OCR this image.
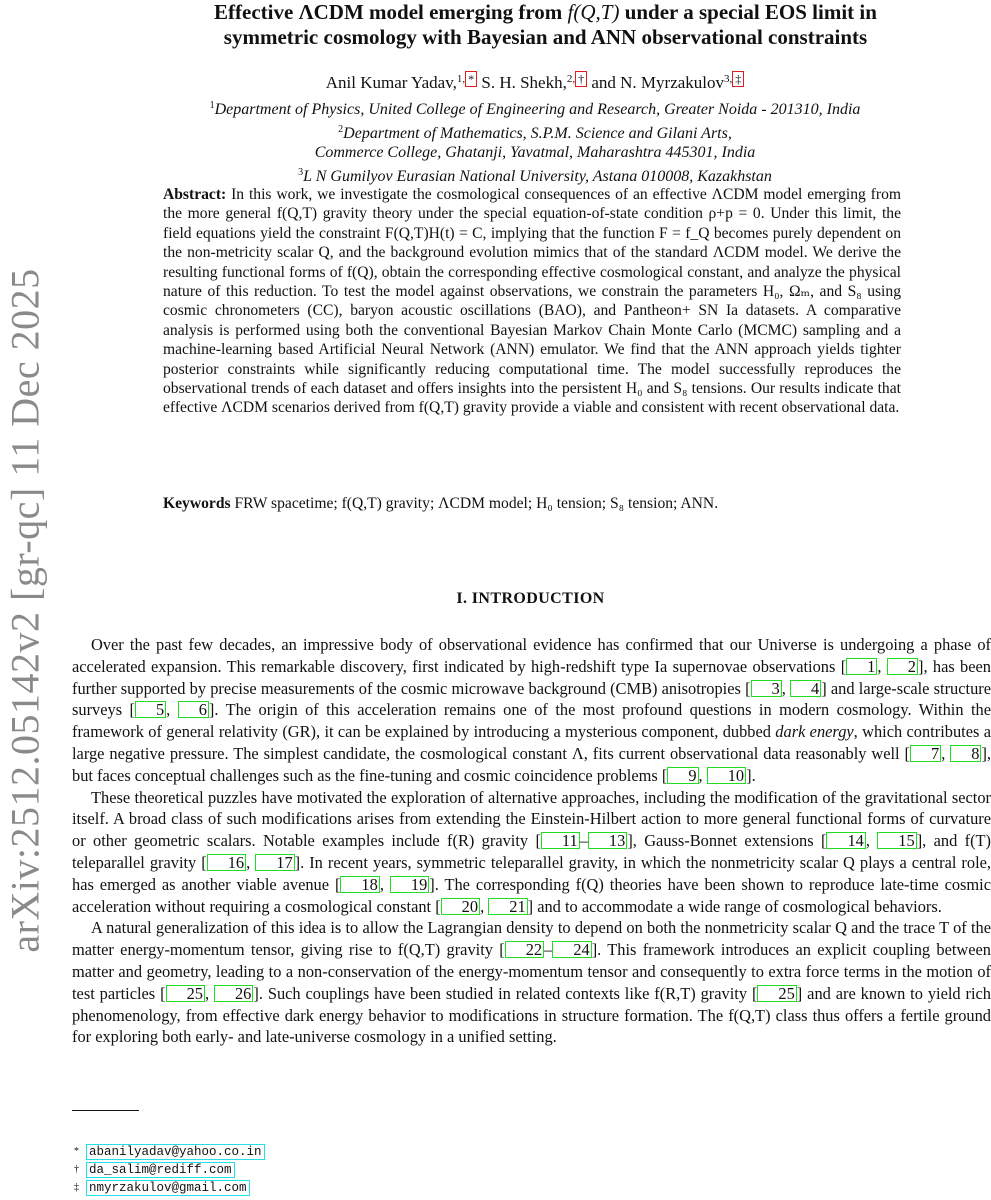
arXiv:2512.05142v2 [gr-qc] 11 Dec 2025
Effective ΛCDM model emerging from f(Q,T) under a special EOS limit in
symmetric cosmology with Bayesian and ANN observational constraints
Anil Kumar Yadav,$^{1,}$ * S. H. Shekh,$^{2,}$ † and N. Myrzakulov$^{3,}$ ‡
$^1$Department of Physics, United College of Engineering and Research, Greater Noida - 201310, India
$^2$Department of Mathematics, S.P.M. Science and Gilani Arts,
Commerce College, Ghatanji, Yavatmal, Maharashtra 445301, India
$^3$L N Gumilyov Eurasian National University, Astana 010008, Kazakhstan
Abstract: In this work, we investigate the cosmological consequences of an effective ΛCDM model emerging from the more general f(Q,T) gravity theory under the special equation-of-state condition ρ+p = 0. Under this limit, the field equations yield the constraint F(Q,T)H(t) = C, implying that the function F = f_Q becomes purely dependent on the non-metricity scalar Q, and the background evolution mimics that of the standard ΛCDM model. We derive the resulting functional forms of f(Q), obtain the corresponding effective cosmological constant, and analyze the physical nature of this reduction. To test the model against observations, we constrain the parameters H₀, Ωₘ, and S₈ using cosmic chronometers (CC), baryon acoustic oscillations (BAO), and Pantheon+ SN Ia datasets. A comparative analysis is performed using both the conventional Bayesian Markov Chain Monte Carlo (MCMC) sampling and a machine-learning based Artificial Neural Network (ANN) emulator. We find that the ANN approach yields tighter posterior constraints while significantly reducing computational time. The model successfully reproduces the observational trends of each dataset and offers insights into the persistent H₀ and S₈ tensions. Our results indicate that effective ΛCDM scenarios derived from f(Q,T) gravity provide a viable and consistent with recent observational data.
Keywords FRW spacetime; f(Q,T) gravity; ΛCDM model; H₀ tension; S₈ tension; ANN.
I. INTRODUCTION

Over the past few decades, an impressive body of observational evidence has confirmed that our Universe is undergoing a phase of accelerated expansion. This remarkable discovery, first indicated by high-redshift type Ia supernovae observations [ 1 , 2 ], has been further supported by precise measurements of the cosmic microwave background (CMB) anisotropies [ 3 , 4 ] and large-scale structure surveys [ 5 , 6 ]. The origin of this acceleration remains one of the most profound questions in modern cosmology. Within the framework of general relativity (GR), it can be explained by introducing a mysterious component, dubbed dark energy, which contributes a large negative pressure. The simplest candidate, the cosmological constant Λ, fits current observational data reasonably well [ 7 , 8 ], but faces conceptual challenges such as the fine-tuning and cosmic coincidence problems [ 9 , 10 ].

These theoretical puzzles have motivated the exploration of alternative approaches, including the modification of the gravitational sector itself. A broad class of such modifications arises from extending the Einstein-Hilbert action to more general functional forms of curvature or other geometric scalars. Notable examples include f(R) gravity [ 11 – 13 ], Gauss-Bonnet extensions [ 14 , 15 ], and f(T) teleparallel gravity [ 16 , 17 ]. In recent years, symmetric teleparallel gravity, in which the nonmetricity scalar Q plays a central role, has emerged as another viable avenue [ 18 , 19 ]. The corresponding f(Q) theories have been shown to reproduce late-time cosmic acceleration without requiring a cosmological constant [ 20 , 21 ] and to accommodate a wide range of cosmological behaviors.

A natural generalization of this idea is to allow the Lagrangian density to depend on both the nonmetricity scalar Q and the trace T of the matter energy-momentum tensor, giving rise to f(Q,T) gravity [ 22 – 24 ]. This framework introduces an explicit coupling between matter and geometry, leading to a non-conservation of the energy-momentum tensor and consequently to extra force terms in the motion of test particles [ 25 , 26 ]. Such couplings have been studied in related contexts like f(R,T) gravity [ 25 ] and are known to yield rich phenomenology, from effective dark energy behavior to modifications in structure formation. The f(Q,T) class thus offers a fertile ground for exploring both early- and late-universe cosmology in a unified setting.

* abanilyadav@yahoo.co.in
† da_salim@rediff.com
‡ nmyrzakulov@gmail.com
